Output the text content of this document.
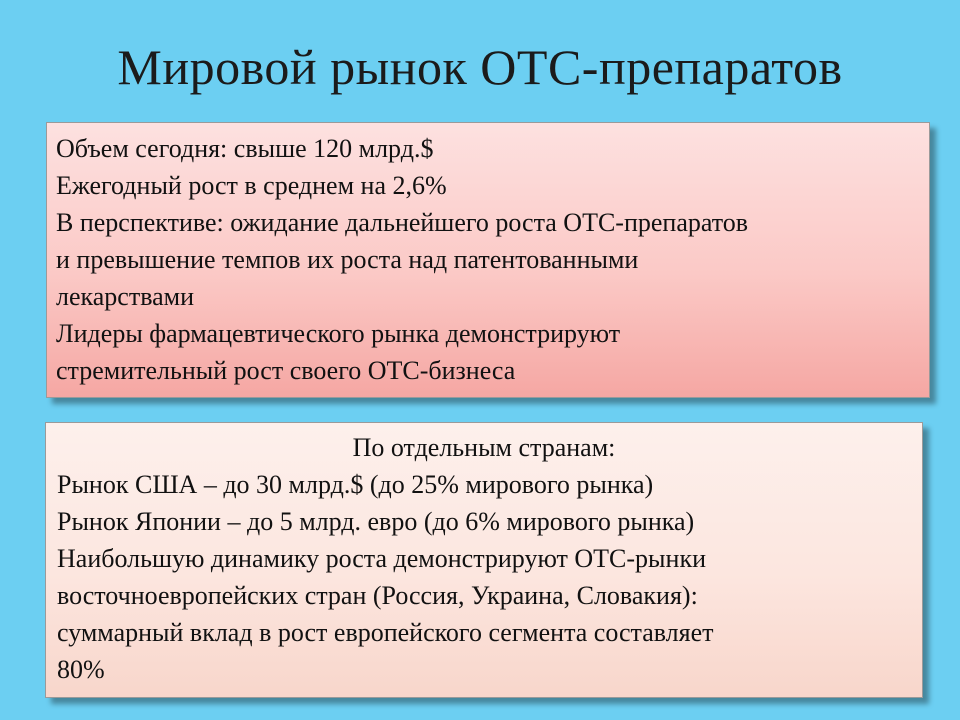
Мировой рынок ОТС-препаратов
Объем сегодня: свыше 120 млрд.$
Ежегодный рост в среднем на 2,6%
В перспективе: ожидание дальнейшего роста ОТС-препаратов
и превышение темпов их роста над патентованными
лекарствами
Лидеры фармацевтического рынка демонстрируют
стремительный рост своего ОТС-бизнеса
По отдельным странам:
Рынок США – до 30 млрд.$ (до 25% мирового рынка)
Рынок Японии – до 5 млрд. евро (до 6% мирового рынка)
Наибольшую динамику роста демонстрируют ОТС-рынки
восточноевропейских стран (Россия, Украина, Словакия):
суммарный вклад в рост европейского сегмента составляет
80%
